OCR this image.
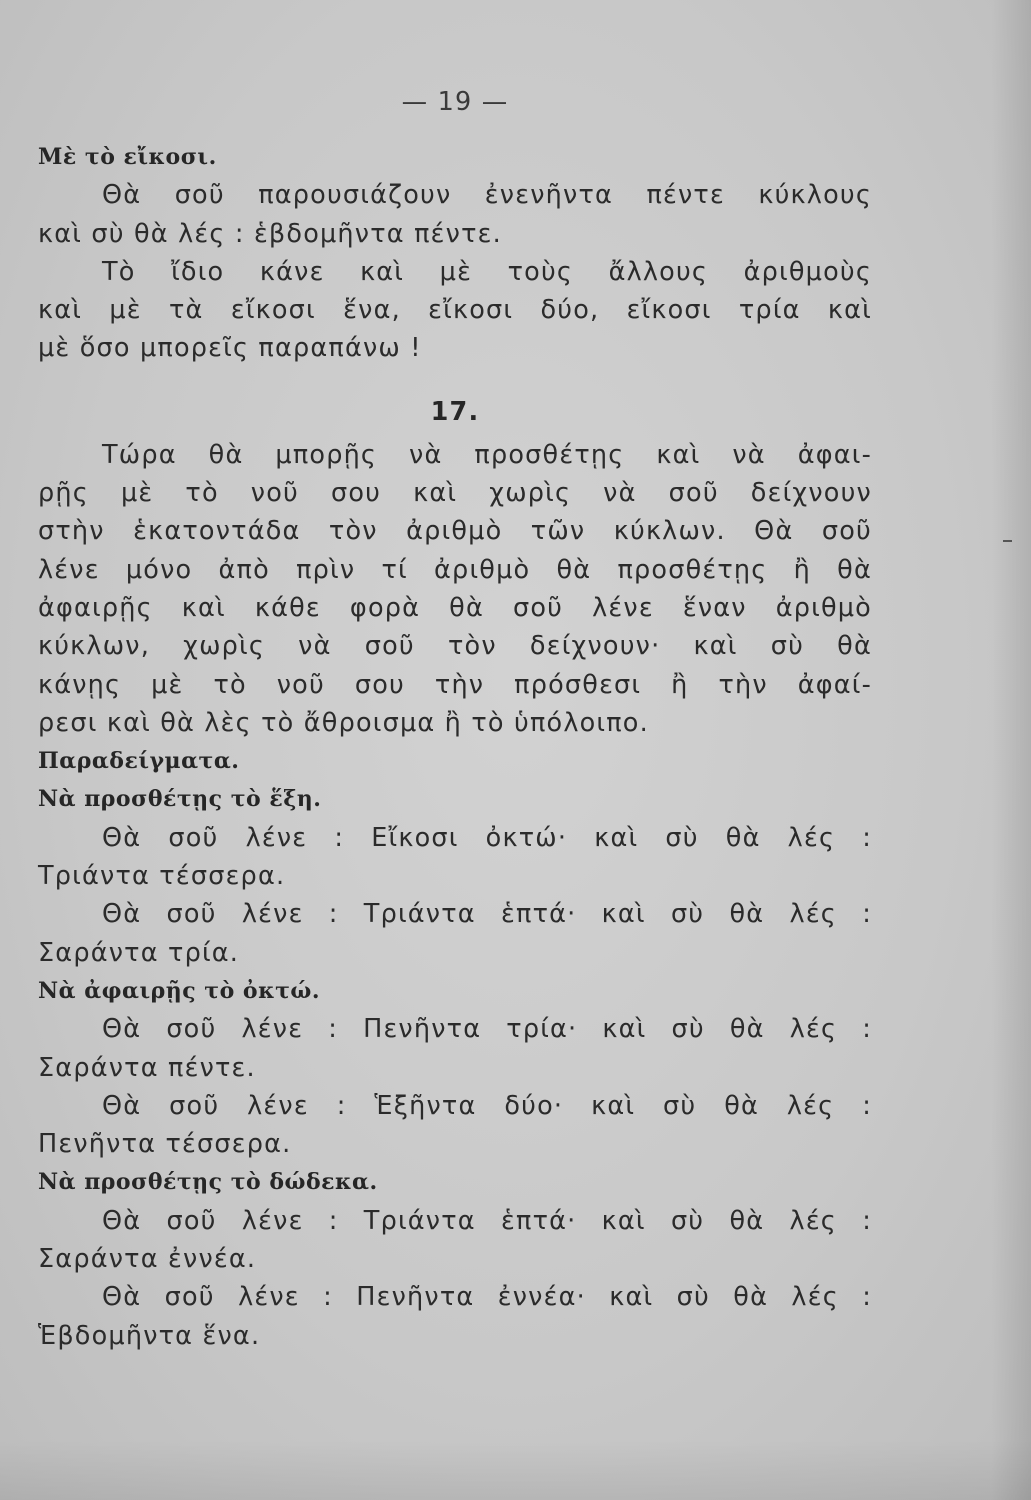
— 19 —
Μὲ τὸ εἴκοσι.
Θὰ σοῦ παρουσιάζουν ἐνενῆντα πέντε κύκλους
καὶ σὺ θὰ λές : ἑβδομῆντα πέντε.
Τὸ ἴδιο κάνε καὶ μὲ τοὺς ἄλλους ἀριθμοὺς
καὶ μὲ τὰ εἴκοσι ἕνα, εἴκοσι δύο, εἴκοσι τρία καὶ
μὲ ὅσο μπορεῖς παραπάνω !
17.
Τώρα θὰ μπορῇς νὰ προσθέτῃς καὶ νὰ ἀφαι-
ρῇς μὲ τὸ νοῦ σου καὶ χωρὶς νὰ σοῦ δείχνουν
στὴν ἑκατοντάδα τὸν ἀριθμὸ τῶν κύκλων. Θὰ σοῦ
λένε μόνο ἀπὸ πρὶν τί ἀριθμὸ θὰ προσθέτῃς ἢ θὰ
ἀφαιρῇς καὶ κάθε φορὰ θὰ σοῦ λένε ἕναν ἀριθμὸ
κύκλων, χωρὶς νὰ σοῦ τὸν δείχνουν· καὶ σὺ θὰ
κάνῃς μὲ τὸ νοῦ σου τὴν πρόσθεσι ἢ τὴν ἀφαί-
ρεσι καὶ θὰ λὲς τὸ ἄθροισμα ἢ τὸ ὑπόλοιπο.
Παραδείγματα.
Νὰ προσθέτῃς τὸ ἕξη.
Θὰ σοῦ λένε : Εἴκοσι ὀκτώ· καὶ σὺ θὰ λές :
Τριάντα τέσσερα.
Θὰ σοῦ λένε : Τριάντα ἑπτά· καὶ σὺ θὰ λές :
Σαράντα τρία.
Νὰ ἀφαιρῇς τὸ ὀκτώ.
Θὰ σοῦ λένε : Πενῆντα τρία· καὶ σὺ θὰ λές :
Σαράντα πέντε.
Θὰ σοῦ λένε : Ἑξῆντα δύο· καὶ σὺ θὰ λές :
Πενῆντα τέσσερα.
Νὰ προσθέτῃς τὸ δώδεκα.
Θὰ σοῦ λένε : Τριάντα ἑπτά· καὶ σὺ θὰ λές :
Σαράντα ἐννέα.
Θὰ σοῦ λένε : Πενῆντα ἐννέα· καὶ σὺ θὰ λές :
Ἑβδομῆντα ἕνα.
